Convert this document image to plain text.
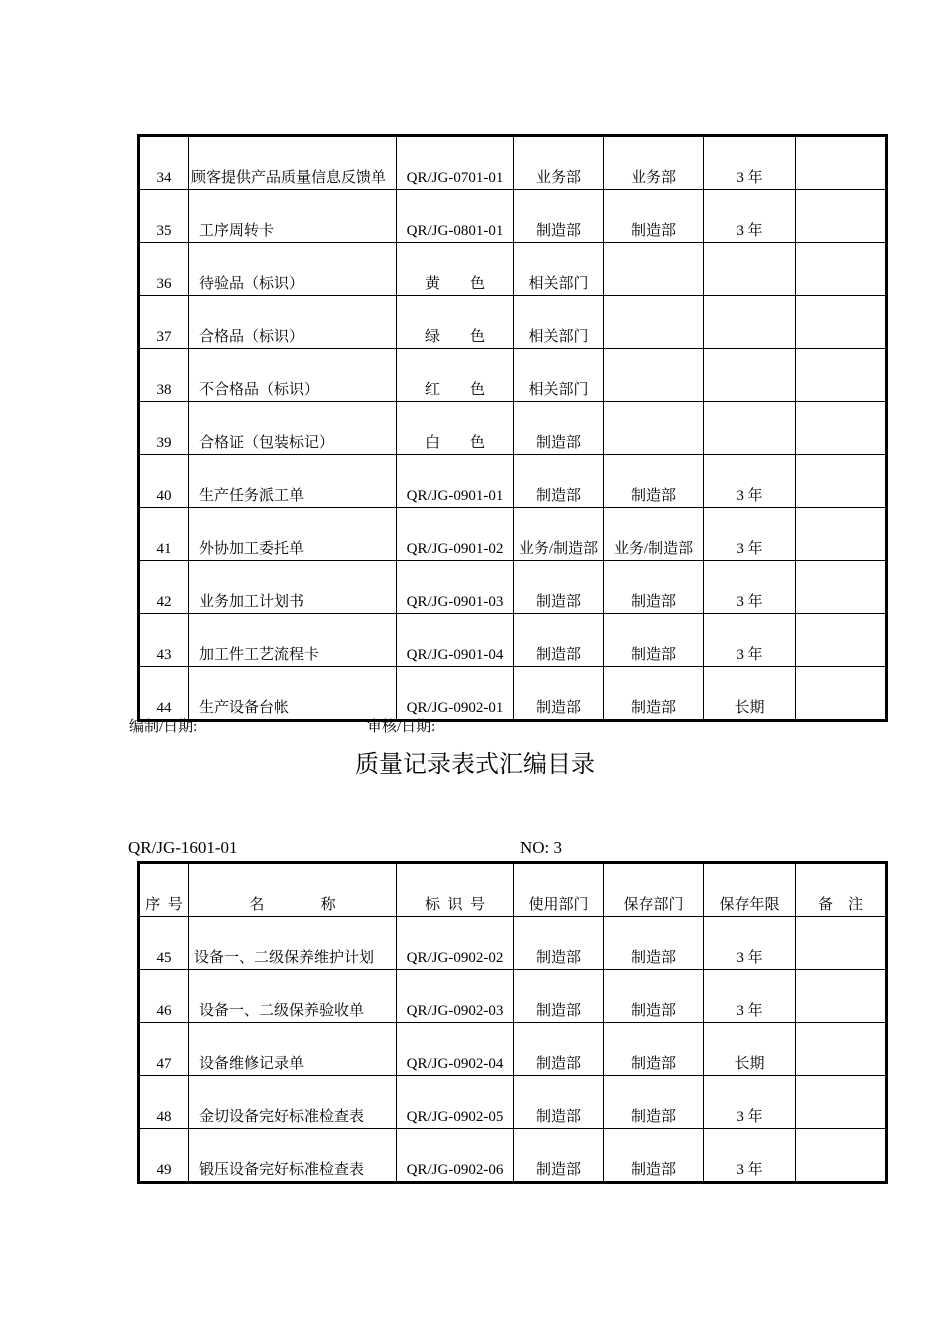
34	顾客提供产品质量信息反馈单	QR/JG-0701-01	业务部	业务部	3 年	
35	工序周转卡	QR/JG-0801-01	制造部	制造部	3 年	
36	待验品（标识）	黄 色	相关部门			
37	合格品（标识）	绿 色	相关部门			
38	不合格品（标识）	红 色	相关部门			
39	合格证（包装标记）	白 色	制造部			
40	生产任务派工单	QR/JG-0901-01	制造部	制造部	3 年	
41	外协加工委托单	QR/JG-0901-02	业务/制造部	业务/制造部	3 年	
42	业务加工计划书	QR/JG-0901-03	制造部	制造部	3 年	
43	加工件工艺流程卡	QR/JG-0901-04	制造部	制造部	3 年	
44	生产设备台帐	QR/JG-0902-01	制造部	制造部	长期	
编制/日期:	审核/日期:
质量记录表式汇编目录
QR/JG-1601-01	NO: 3
序  号	名               称	标  识  号	使用部门	保存部门	保存年限	备    注
45	设备一、二级保养维护计划	QR/JG-0902-02	制造部	制造部	3 年	
46	设备一、二级保养验收单	QR/JG-0902-03	制造部	制造部	3 年	
47	设备维修记录单	QR/JG-0902-04	制造部	制造部	长期	
48	金切设备完好标准检查表	QR/JG-0902-05	制造部	制造部	3 年	
49	锻压设备完好标准检查表	QR/JG-0902-06	制造部	制造部	3 年	
